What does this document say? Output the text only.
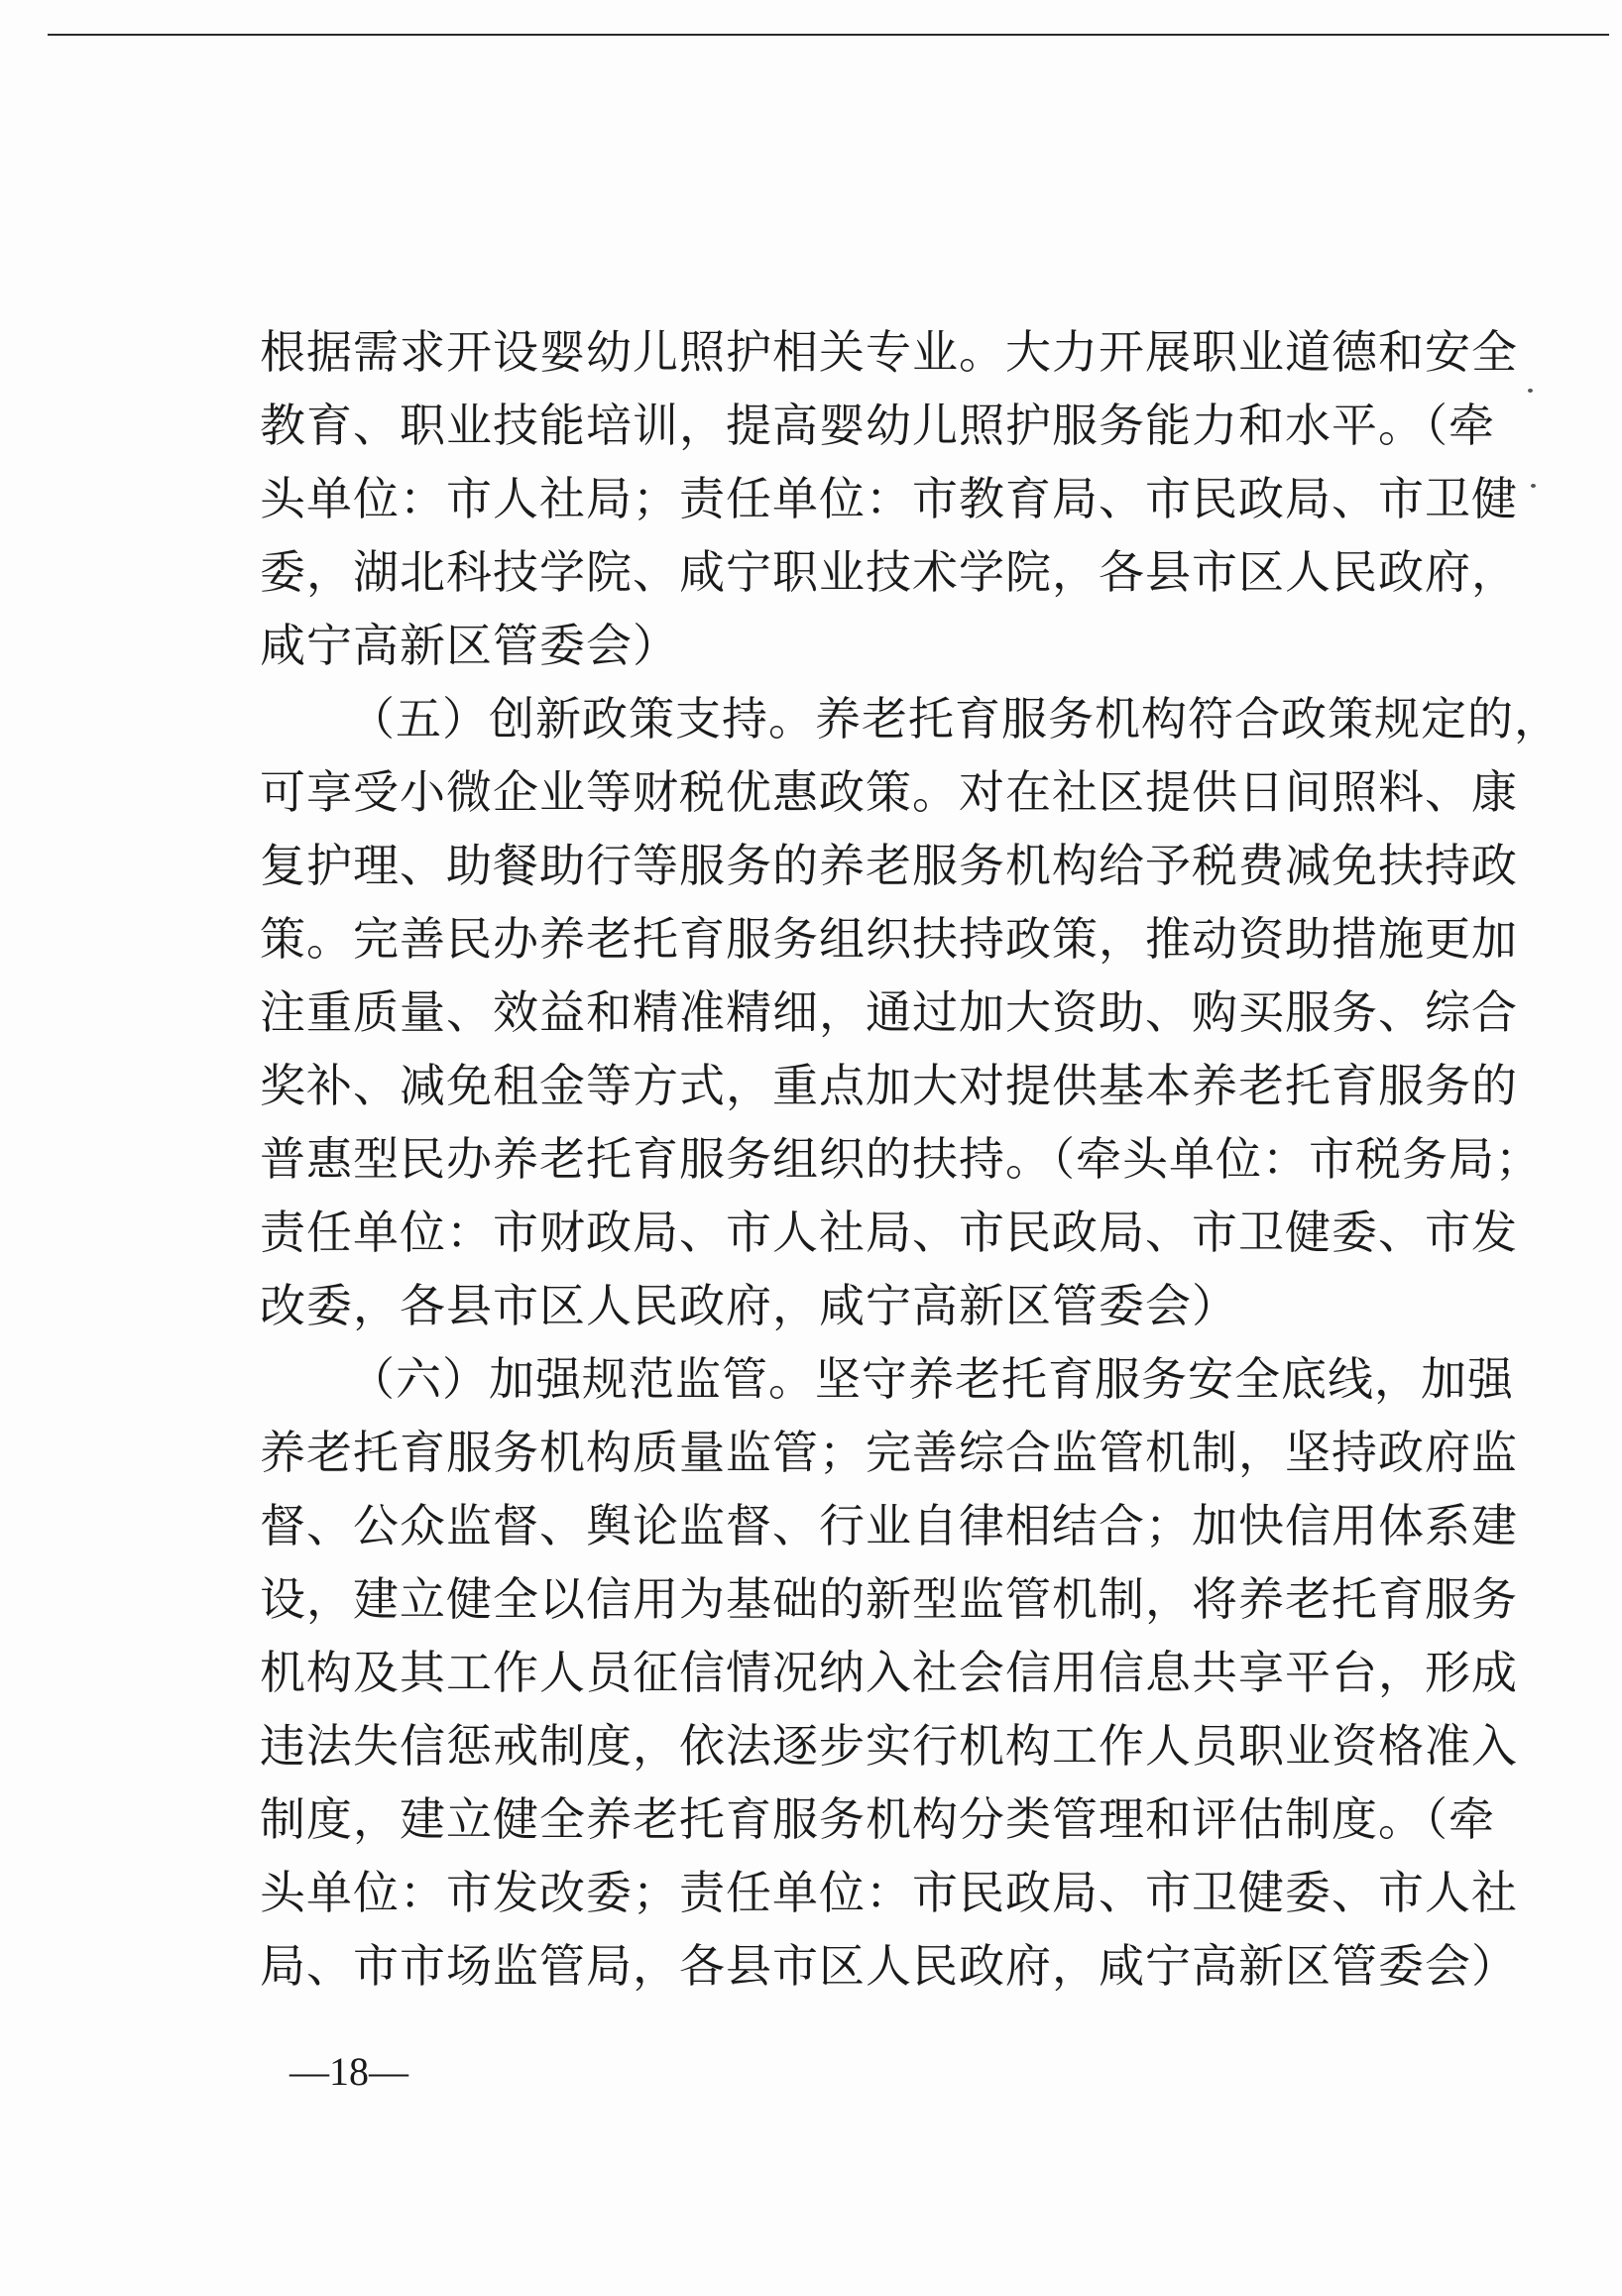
根据需求开设婴幼儿照护相关专业。大力开展职业道德和安全
教育、职业技能培训，提高婴幼儿照护服务能力和水平。（牵
头单位：市人社局；责任单位：市教育局、市民政局、市卫健
委，湖北科技学院、咸宁职业技术学院，各县市区人民政府，
咸宁高新区管委会）
（五）创新政策支持。养老托育服务机构符合政策规定的，
可享受小微企业等财税优惠政策。对在社区提供日间照料、康
复护理、助餐助行等服务的养老服务机构给予税费减免扶持政
策。完善民办养老托育服务组织扶持政策，推动资助措施更加
注重质量、效益和精准精细，通过加大资助、购买服务、综合
奖补、减免租金等方式，重点加大对提供基本养老托育服务的
普惠型民办养老托育服务组织的扶持。（牵头单位：市税务局；
责任单位：市财政局、市人社局、市民政局、市卫健委、市发
改委，各县市区人民政府，咸宁高新区管委会）
（六）加强规范监管。坚守养老托育服务安全底线，加强
养老托育服务机构质量监管；完善综合监管机制，坚持政府监
督、公众监督、舆论监督、行业自律相结合；加快信用体系建
设，建立健全以信用为基础的新型监管机制，将养老托育服务
机构及其工作人员征信情况纳入社会信用信息共享平台，形成
违法失信惩戒制度，依法逐步实行机构工作人员职业资格准入
制度，建立健全养老托育服务机构分类管理和评估制度。（牵
头单位：市发改委；责任单位：市民政局、市卫健委、市人社
局、市市场监管局，各县市区人民政府，咸宁高新区管委会）
—18—
